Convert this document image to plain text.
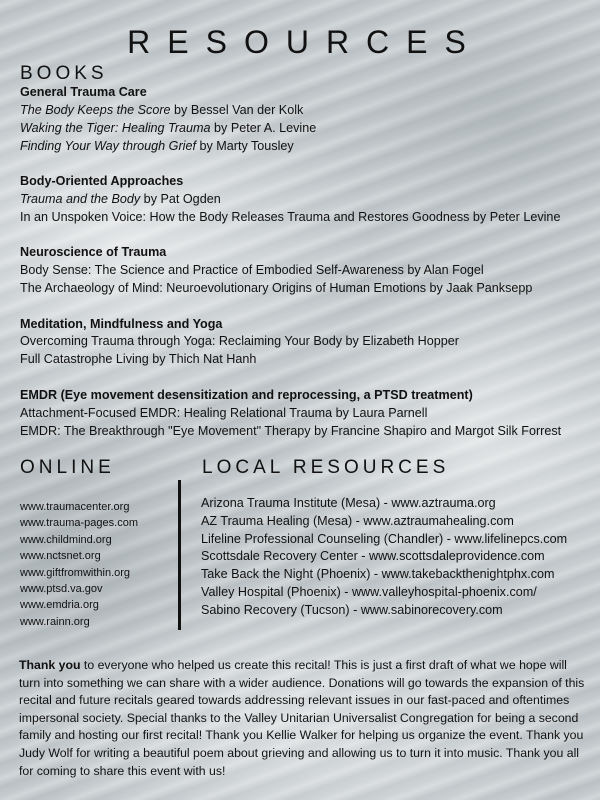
RESOURCES
BOOKS
General Trauma Care
The Body Keeps the Score by Bessel Van der Kolk
Waking the Tiger: Healing Trauma by Peter A. Levine
Finding Your Way through Grief by Marty Tousley
Body-Oriented Approaches
Trauma and the Body by Pat Ogden
In an Unspoken Voice: How the Body Releases Trauma and Restores Goodness by Peter Levine
Neuroscience of Trauma
Body Sense: The Science and Practice of Embodied Self-Awareness by Alan Fogel
The Archaeology of Mind: Neuroevolutionary Origins of Human Emotions by Jaak Panksepp
Meditation, Mindfulness and Yoga
Overcoming Trauma through Yoga: Reclaiming Your Body by Elizabeth Hopper
Full Catastrophe Living by Thich Nat Hanh
EMDR (Eye movement desensitization and reprocessing, a PTSD treatment)
Attachment-Focused EMDR: Healing Relational Trauma by Laura Parnell
EMDR: The Breakthrough "Eye Movement" Therapy by Francine Shapiro and Margot Silk Forrest
ONLINE	LOCAL RESOURCES
www.traumacenter.org
www.trauma-pages.com
www.childmind.org
www.nctsnet.org
www.giftfromwithin.org
www.ptsd.va.gov
www.emdria.org
www.rainn.org
Arizona Trauma Institute (Mesa) - www.aztrauma.org
AZ Trauma Healing (Mesa) - www.aztraumahealing.com
Lifeline Professional Counseling (Chandler) - www.lifelinepcs.com
Scottsdale Recovery Center - www.scottsdaleprovidence.com
Take Back the Night (Phoenix) - www.takebackthenightphx.com
Valley Hospital (Phoenix) - www.valleyhospital-phoenix.com/
Sabino Recovery (Tucson) - www.sabinorecovery.com
Thank you to everyone who helped us create this recital! This is just a first draft of what we hope will turn into something we can share with a wider audience. Donations will go towards the expansion of this recital and future recitals geared towards addressing relevant issues in our fast-paced and oftentimes impersonal society. Special thanks to the Valley Unitarian Universalist Congregation for being a second family and hosting our first recital! Thank you Kellie Walker for helping us organize the event. Thank you Judy Wolf for writing a beautiful poem about grieving and allowing us to turn it into music. Thank you all for coming to share this event with us!
